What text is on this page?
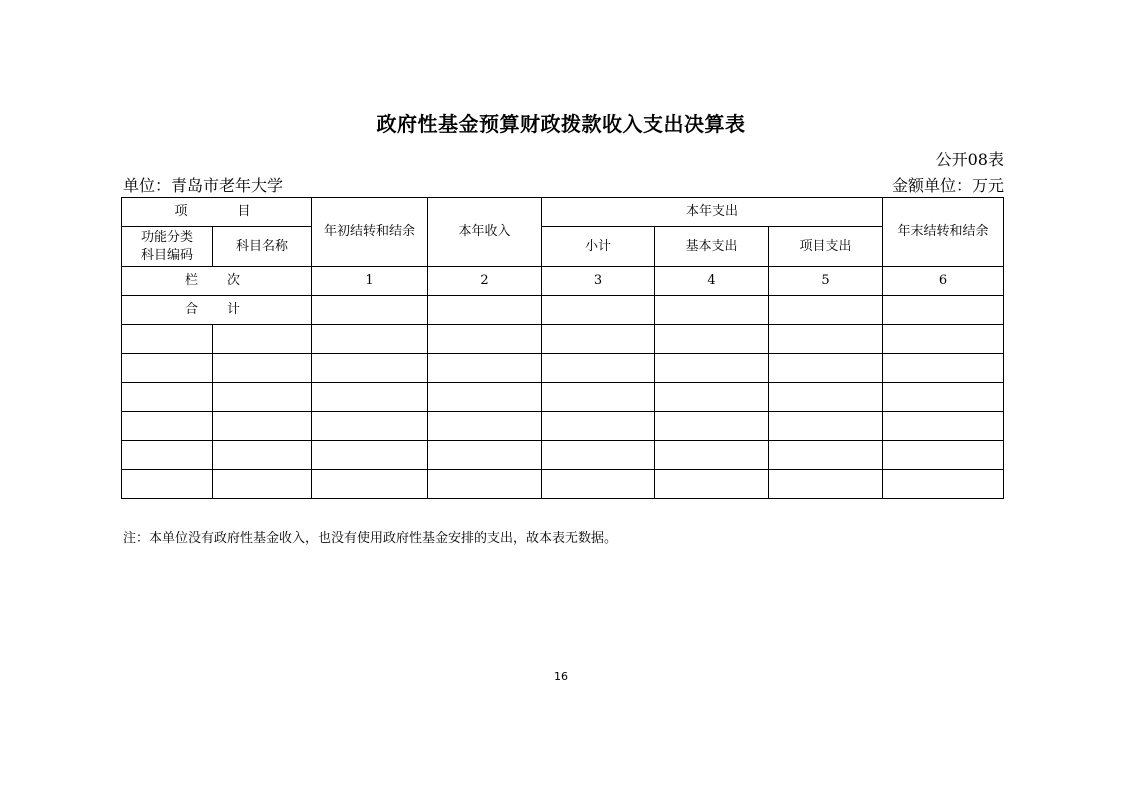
政府性基金预算财政拨款收入支出决算表
公开08表
单位：青岛市老年大学	金额单位：万元
项　　目		年初结转和结余	本年收入	本年支出			年末结转和结余

功能分类
科目编码	科目名称			小计	基本支出	项目支出	
栏　次		1	2	3	4	5	6
合　计							

注：本单位没有政府性基金收入，也没有使用政府性基金安排的支出，故本表无数据。
16
